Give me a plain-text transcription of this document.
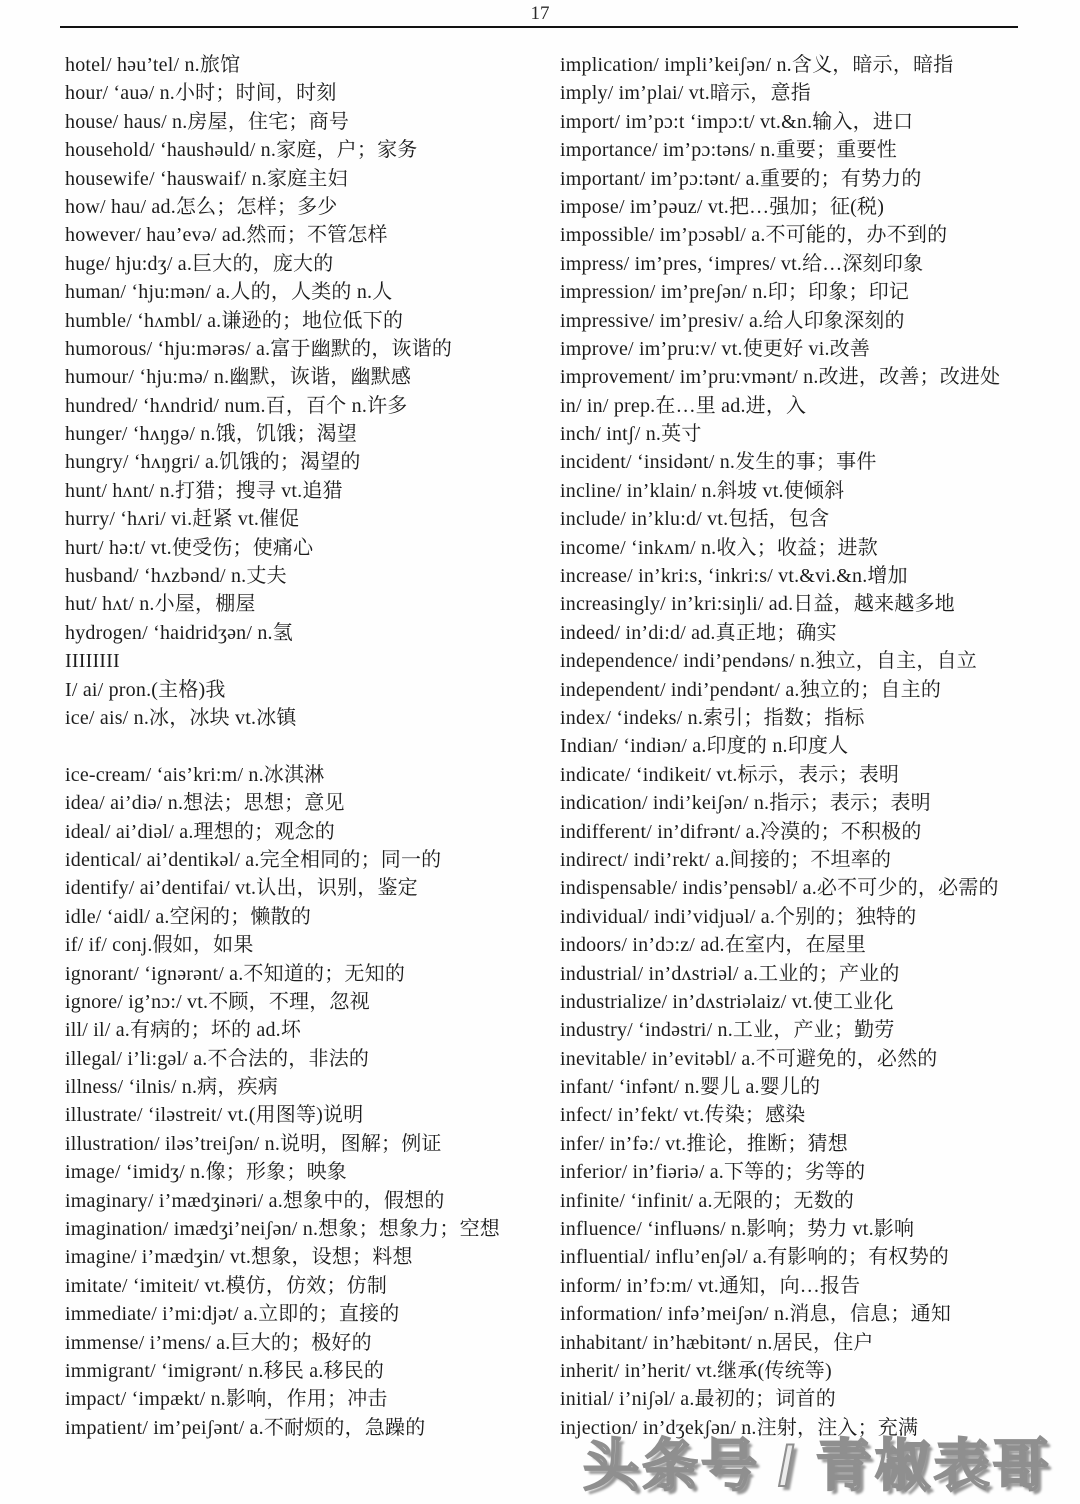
17
hotel/ həu’tel/ n.旅馆
hour/ ‘auə/ n.小时；时间，时刻
house/ haus/ n.房屋，住宅；商号
household/ ‘haushəuld/ n.家庭，户；家务
housewife/ ‘hauswaif/ n.家庭主妇
how/ hau/ ad.怎么；怎样；多少
however/ hau’evə/ ad.然而；不管怎样
huge/ hju:dʒ/ a.巨大的，庞大的
human/ ‘hju:mən/ a.人的，人类的 n.人
humble/ ‘hʌmbl/ a.谦逊的；地位低下的
humorous/ ‘hju:mərəs/ a.富于幽默的，诙谐的
humour/ ‘hju:mə/ n.幽默，诙谐，幽默感
hundred/ ‘hʌndrid/ num.百，百个 n.许多
hunger/ ‘hʌŋgə/ n.饿，饥饿；渴望
hungry/ ‘hʌŋgri/ a.饥饿的；渴望的
hunt/ hʌnt/ n.打猎；搜寻 vt.追猎
hurry/ ‘hʌri/ vi.赶紧 vt.催促
hurt/ hə:t/ vt.使受伤；使痛心
husband/ ‘hʌzbənd/ n.丈夫
hut/ hʌt/ n.小屋，棚屋
hydrogen/ ‘haidridʒən/ n.氢
IIIIIIII
I/ ai/ pron.(主格)我
ice/ ais/ n.冰，冰块 vt.冰镇
ice-cream/ ‘ais’kri:m/ n.冰淇淋
idea/ ai’diə/ n.想法；思想；意见
ideal/ ai’diəl/ a.理想的；观念的
identical/ ai’dentikəl/ a.完全相同的；同一的
identify/ ai’dentifai/ vt.认出，识别，鉴定
idle/ ‘aidl/ a.空闲的；懒散的
if/ if/ conj.假如，如果
ignorant/ ‘ignərənt/ a.不知道的；无知的
ignore/ ig’nɔ:/ vt.不顾，不理，忽视
ill/ il/ a.有病的；坏的 ad.坏
illegal/ i’li:gəl/ a.不合法的，非法的
illness/ ‘ilnis/ n.病，疾病
illustrate/ ‘iləstreit/ vt.(用图等)说明
illustration/ iləs’treiʃən/ n.说明，图解；例证
image/ ‘imidʒ/ n.像；形象；映象
imaginary/ i’mædʒinəri/ a.想象中的，假想的
imagination/ imædʒi’neiʃən/ n.想象；想象力；空想
imagine/ i’mædʒin/ vt.想象，设想；料想
imitate/ ‘imiteit/ vt.模仿，仿效；仿制
immediate/ i’mi:djət/ a.立即的；直接的
immense/ i’mens/ a.巨大的；极好的
immigrant/ ‘imigrənt/ n.移民 a.移民的
impact/ ‘impækt/ n.影响，作用；冲击
impatient/ im’peiʃənt/ a.不耐烦的，急躁的
implication/ impli’keiʃən/ n.含义，暗示，暗指
imply/ im’plai/ vt.暗示，意指
import/ im’pɔ:t ‘impɔ:t/ vt.&n.输入，进口
importance/ im’pɔ:təns/ n.重要；重要性
important/ im’pɔ:tənt/ a.重要的；有势力的
impose/ im’pəuz/ vt.把…强加；征(税)
impossible/ im’pɔsəbl/ a.不可能的，办不到的
impress/ im’pres, ‘impres/ vt.给…深刻印象
impression/ im’preʃən/ n.印；印象；印记
impressive/ im’presiv/ a.给人印象深刻的
improve/ im’pru:v/ vt.使更好 vi.改善
improvement/ im’pru:vmənt/ n.改进，改善；改进处
in/ in/ prep.在…里 ad.进，入
inch/ intʃ/ n.英寸
incident/ ‘insidənt/ n.发生的事；事件
incline/ in’klain/ n.斜坡 vt.使倾斜
include/ in’klu:d/ vt.包括，包含
income/ ‘inkʌm/ n.收入；收益；进款
increase/ in’kri:s, ‘inkri:s/ vt.&vi.&n.增加
increasingly/ in’kri:siŋli/ ad.日益，越来越多地
indeed/ in’di:d/ ad.真正地；确实
independence/ indi’pendəns/ n.独立，自主，自立
independent/ indi’pendənt/ a.独立的；自主的
index/ ‘indeks/ n.索引；指数；指标
Indian/ ‘indiən/ a.印度的 n.印度人
indicate/ ‘indikeit/ vt.标示，表示；表明
indication/ indi’keiʃən/ n.指示；表示；表明
indifferent/ in’difrənt/ a.冷漠的；不积极的
indirect/ indi’rekt/ a.间接的；不坦率的
indispensable/ indis’pensəbl/ a.必不可少的，必需的
individual/ indi’vidjuəl/ a.个别的；独特的
indoors/ in’dɔ:z/ ad.在室内，在屋里
industrial/ in’dʌstriəl/ a.工业的；产业的
industrialize/ in’dʌstriəlaiz/ vt.使工业化
industry/ ‘indəstri/ n.工业，产业；勤劳
inevitable/ in’evitəbl/ a.不可避免的，必然的
infant/ ‘infənt/ n.婴儿 a.婴儿的
infect/ in’fekt/ vt.传染；感染
infer/ in’fə:/ vt.推论，推断；猜想
inferior/ in’fiəriə/ a.下等的；劣等的
infinite/ ‘infinit/ a.无限的；无数的
influence/ ‘influəns/ n.影响；势力 vt.影响
influential/ influ’enʃəl/ a.有影响的；有权势的
inform/ in’fɔ:m/ vt.通知，向…报告
information/ infə’meiʃən/ n.消息，信息；通知
inhabitant/ in’hæbitənt/ n.居民，住户
inherit/ in’herit/ vt.继承(传统等)
initial/ i’niʃəl/ a.最初的；词首的
injection/ in’dʒekʃən/ n.注射，注入；充满
头条号 / 青椒表哥
